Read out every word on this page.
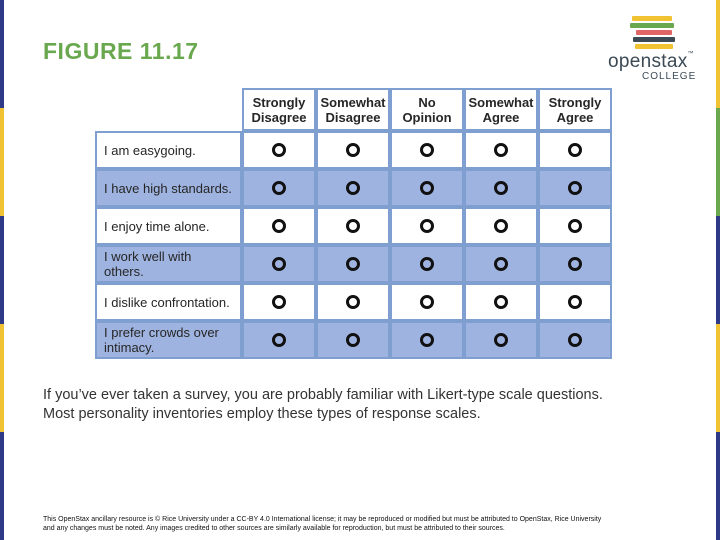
FIGURE 11.17	openstax™
COLLEGE
Strongly
Disagree
Somewhat
Disagree
No
Opinion
Somewhat
Agree
Strongly
Agree
I am easygoing.
I have high standards.
I enjoy time alone.
I work well with others.
I dislike confrontation.
I prefer crowds over
intimacy.
If you’ve ever taken a survey, you are probably familiar with Likert-type scale questions.
Most personality inventories employ these types of response scales.
This OpenStax ancillary resource is © Rice University under a CC-BY 4.0 International license; it may be reproduced or modified but must be attributed to OpenStax, Rice University
and any changes must be noted. Any images credited to other sources are similarly available for reproduction, but must be attributed to their sources.
